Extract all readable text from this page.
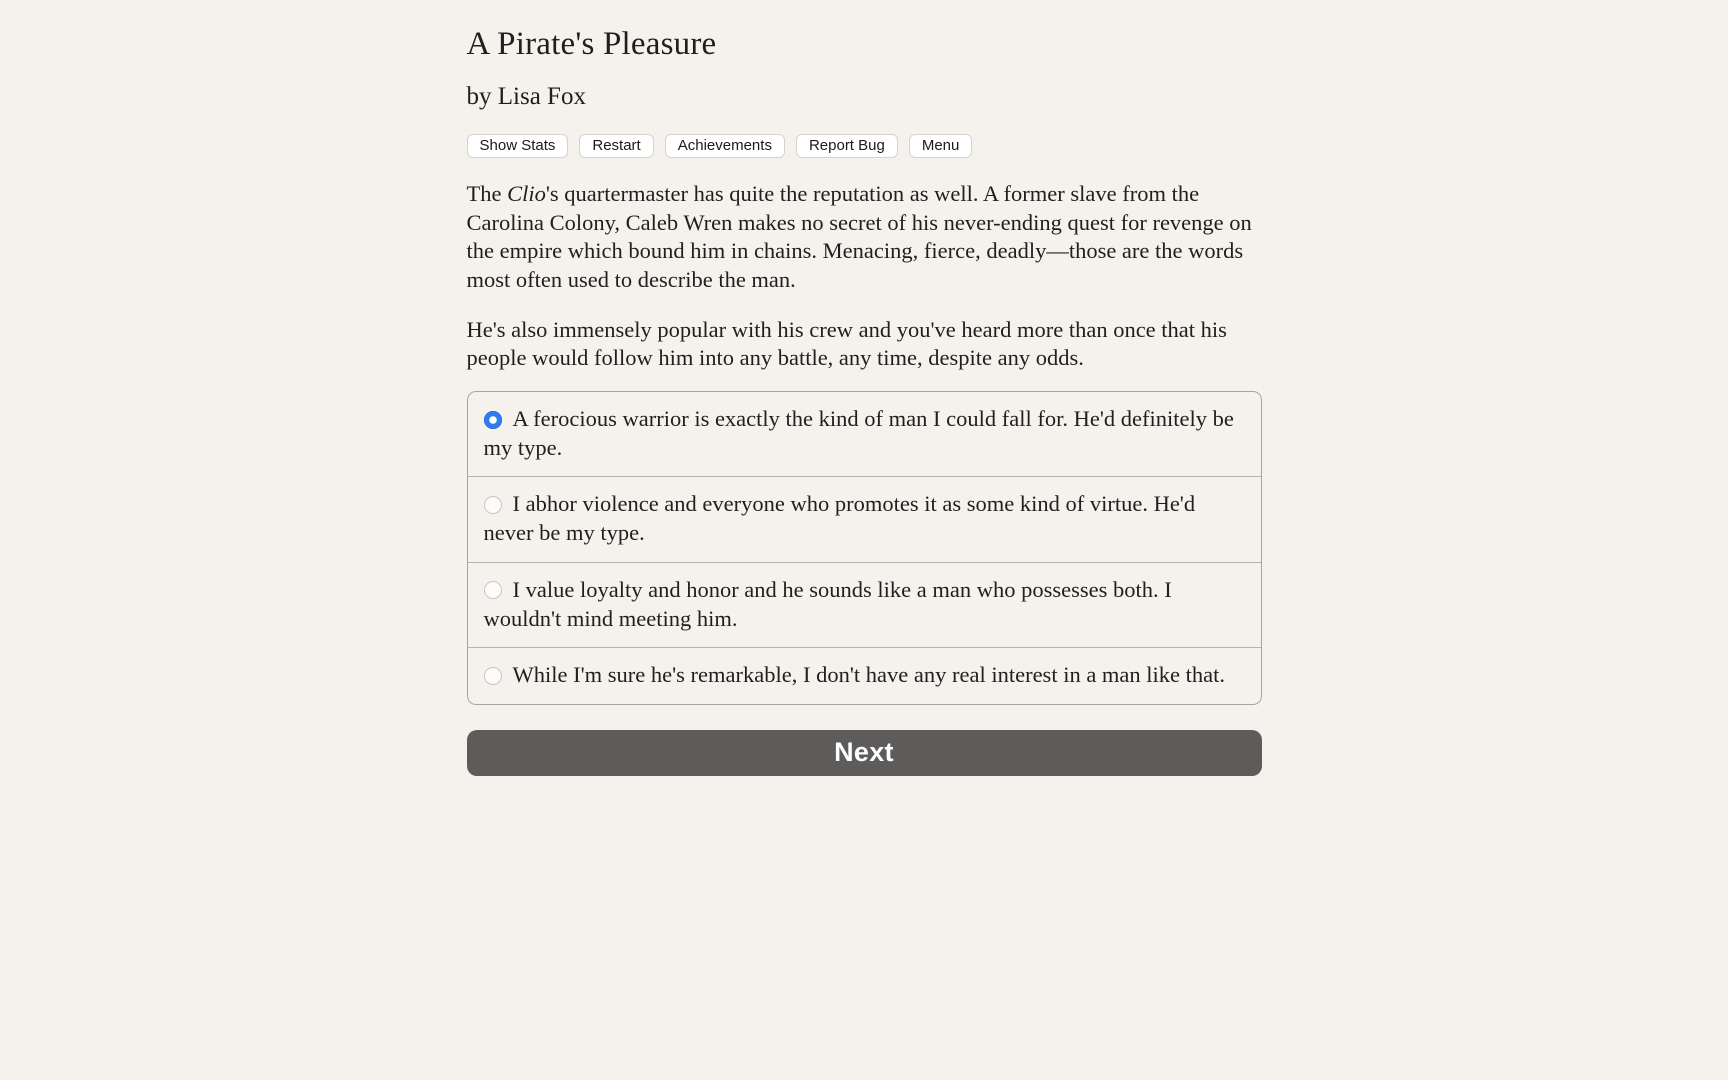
A Pirate's Pleasure
by Lisa Fox
Show Stats	Restart	Achievements	Report Bug	Menu

The Clio's quartermaster has quite the reputation as well. A former slave from the Carolina Colony, Caleb Wren makes no secret of his never-ending quest for revenge on the empire which bound him in chains. Menacing, fierce, deadly—those are the words most often used to describe the man.

He's also immensely popular with his crew and you've heard more than once that his people would follow him into any battle, any time, despite any odds.

A ferocious warrior is exactly the kind of man I could fall for. He'd definitely be my type.
I abhor violence and everyone who promotes it as some kind of virtue. He'd never be my type.
I value loyalty and honor and he sounds like a man who possesses both. I wouldn't mind meeting him.
While I'm sure he's remarkable, I don't have any real interest in a man like that.
Next
